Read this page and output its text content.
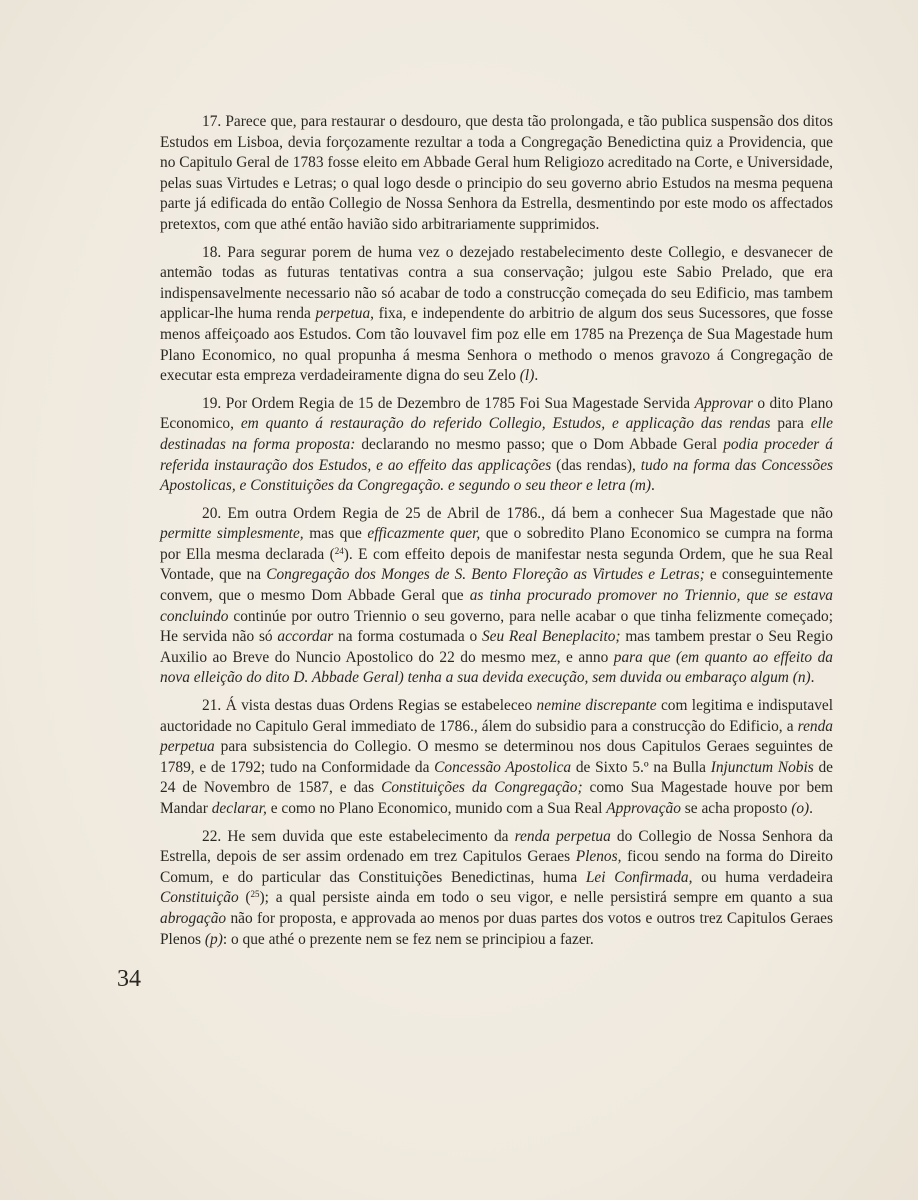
17. Parece que, para restaurar o desdouro, que desta tão prolongada, e tão publica suspensão dos ditos Estudos em Lisboa, devia forçozamente rezultar a toda a Congregação Benedictina quiz a Providencia, que no Capitulo Geral de 1783 fosse eleito em Abbade Geral hum Religiozo acreditado na Corte, e Universidade, pelas suas Virtudes e Letras; o qual logo desde o principio do seu governo abrio Estudos na mesma pequena parte já edificada do então Collegio de Nossa Senhora da Estrella, desmentindo por este modo os affectados pretextos, com que athé então havião sido arbitrariamente supprimidos.

18. Para segurar porem de huma vez o dezejado restabelecimento deste Collegio, e desvanecer de antemão todas as futuras tentativas contra a sua conservação; julgou este Sabio Prelado, que era indispensavelmente necessario não só acabar de todo a construcção começada do seu Edificio, mas tambem applicar-lhe huma renda perpetua, fixa, e independente do arbitrio de algum dos seus Sucessores, que fosse menos affeiçoado aos Estudos. Com tão louvavel fim poz elle em 1785 na Prezença de Sua Magestade hum Plano Economico, no qual propunha á mesma Senhora o methodo o menos gravozo á Congregação de executar esta empreza verdadeiramente digna do seu Zelo (l).

19. Por Ordem Regia de 15 de Dezembro de 1785 Foi Sua Magestade Servida Approvar o dito Plano Economico, em quanto á restauração do referido Collegio, Estudos, e applicação das rendas para elle destinadas na forma proposta: declarando no mesmo passo; que o Dom Abbade Geral podia proceder á referida instauração dos Estudos, e ao effeito das applicações (das rendas), tudo na forma das Concessões Apostolicas, e Constituições da Congregação. e segundo o seu theor e letra (m).

20. Em outra Ordem Regia de 25 de Abril de 1786., dá bem a conhecer Sua Magestade que não permitte simplesmente, mas que efficazmente quer, que o sobredito Plano Economico se cumpra na forma por Ella mesma declarada ($^{24}$). E com effeito depois de manifestar nesta segunda Ordem, que he sua Real Vontade, que na Congregação dos Monges de S. Bento Floreção as Virtudes e Letras; e conseguintemente convem, que o mesmo Dom Abbade Geral que as tinha procurado promover no Triennio, que se estava concluindo continúe por outro Triennio o seu governo, para nelle acabar o que tinha felizmente começado; He servida não só accordar na forma costumada o Seu Real Beneplacito; mas tambem prestar o Seu Regio Auxilio ao Breve do Nuncio Apostolico do 22 do mesmo mez, e anno para que (em quanto ao effeito da nova elleição do dito D. Abbade Geral) tenha a sua devida execução, sem duvida ou embaraço algum (n).

21. Á vista destas duas Ordens Regias se estabeleceo nemine discrepante com legitima e indisputavel auctoridade no Capitulo Geral immediato de 1786., álem do subsidio para a construcção do Edificio, a renda perpetua para subsistencia do Collegio. O mesmo se determinou nos dous Capitulos Geraes seguintes de 1789, e de 1792; tudo na Conformidade da Concessão Apostolica de Sixto 5.º na Bulla Injunctum Nobis de 24 de Novembro de 1587, e das Constituições da Congregação; como Sua Magestade houve por bem Mandar declarar, e como no Plano Economico, munido com a Sua Real Approvação se acha proposto (o).

22. He sem duvida que este estabelecimento da renda perpetua do Collegio de Nossa Senhora da Estrella, depois de ser assim ordenado em trez Capitulos Geraes Plenos, ficou sendo na forma do Direito Comum, e do particular das Constituições Benedictinas, huma Lei Confirmada, ou huma verdadeira Constituição ($^{25}$); a qual persiste ainda em todo o seu vigor, e nelle persistirá sempre em quanto a sua abrogação não for proposta, e approvada ao menos por duas partes dos votos e outros trez Capitulos Geraes Plenos (p): o que athé o prezente nem se fez nem se principiou a fazer.

34
